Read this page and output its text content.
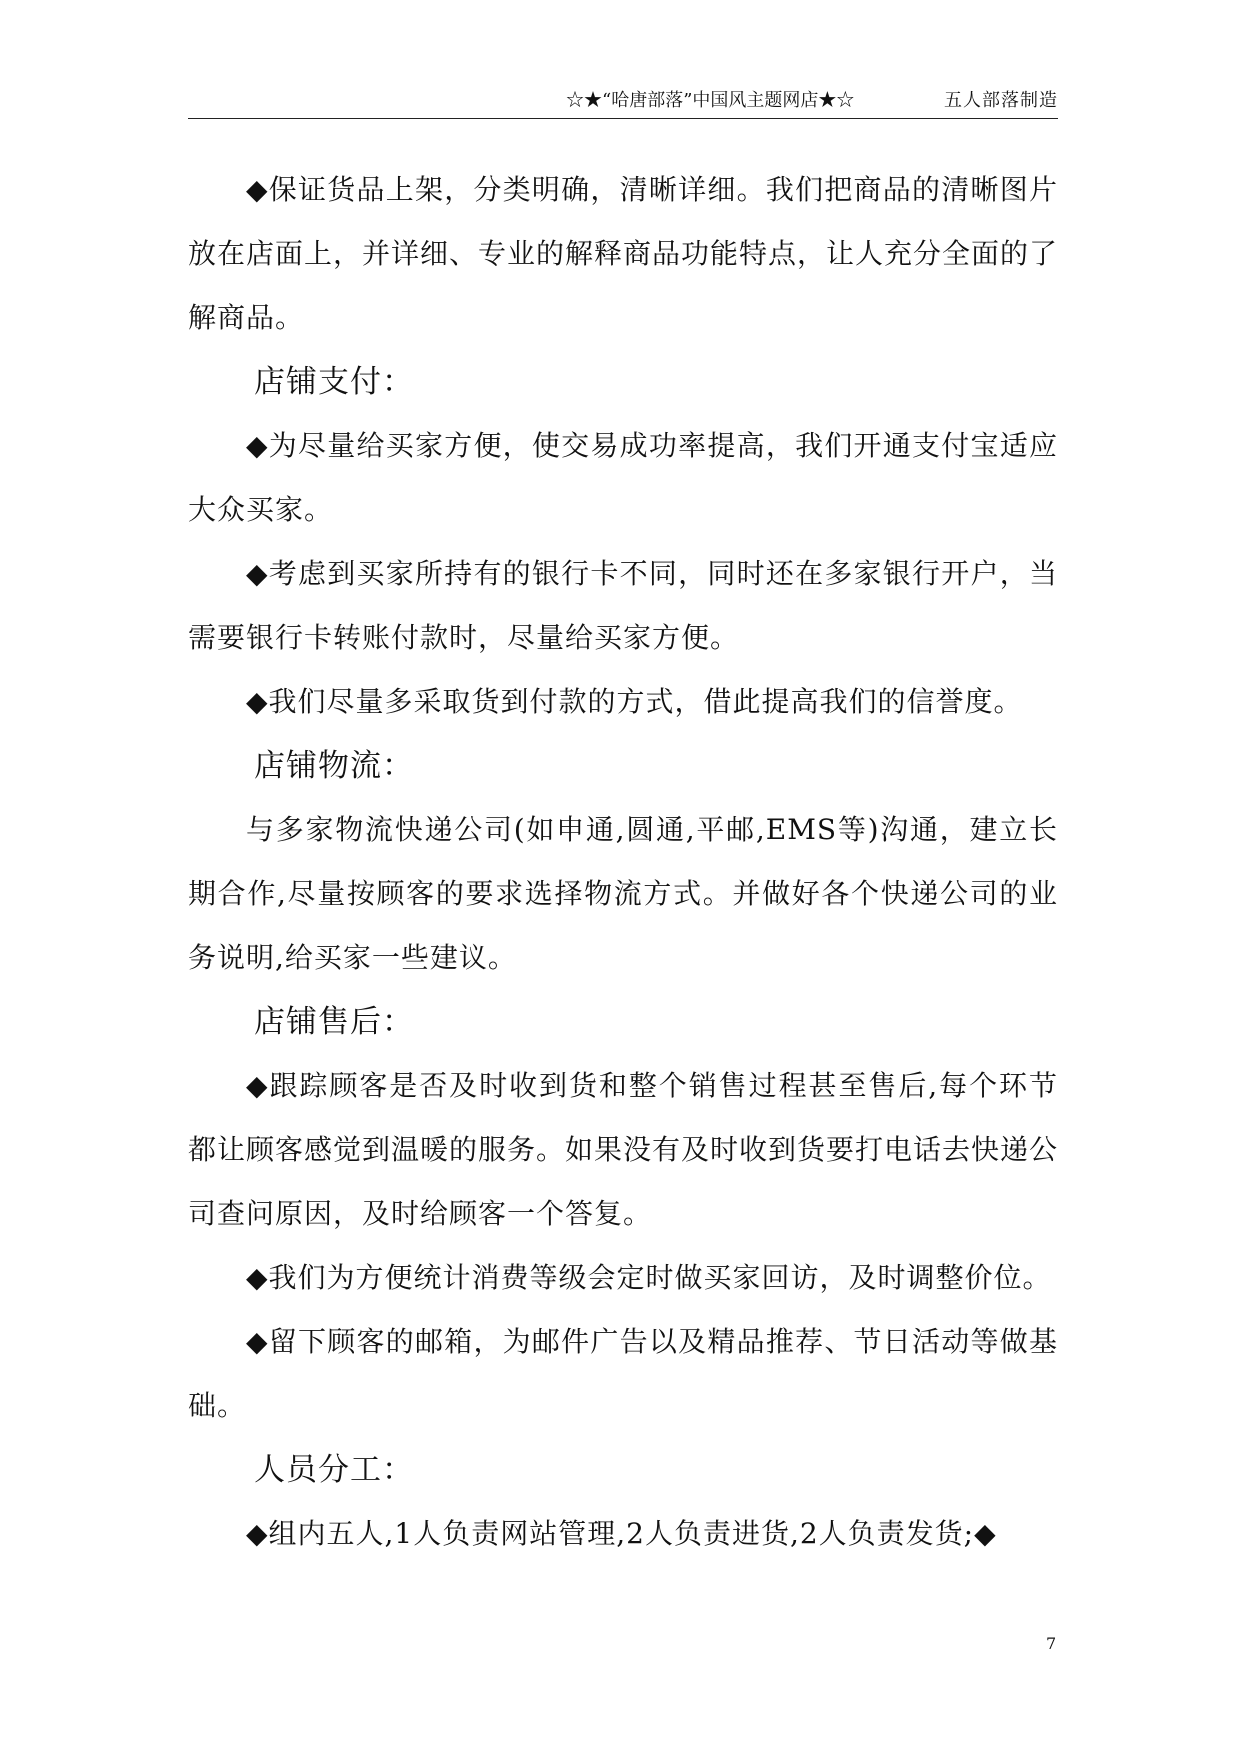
☆★“哈唐部落”中国风主题网店★☆	五人部落制造

◆保证货品上架，分类明确，清晰详细。我们把商品的清晰图片放在店面上，并详细、专业的解释商品功能特点，让人充分全面的了解商品。

店铺支付：

◆为尽量给买家方便，使交易成功率提高，我们开通支付宝适应大众买家。

◆考虑到买家所持有的银行卡不同，同时还在多家银行开户，当需要银行卡转账付款时，尽量给买家方便。

◆我们尽量多采取货到付款的方式，借此提高我们的信誉度。

店铺物流：

与多家物流快递公司(如申通,圆通,平邮,EMS等)沟通，建立长期合作,尽量按顾客的要求选择物流方式。并做好各个快递公司的业务说明,给买家一些建议。

店铺售后：

◆跟踪顾客是否及时收到货和整个销售过程甚至售后,每个环节都让顾客感觉到温暖的服务。如果没有及时收到货要打电话去快递公司查问原因，及时给顾客一个答复。

◆我们为方便统计消费等级会定时做买家回访，及时调整价位。

◆留下顾客的邮箱，为邮件广告以及精品推荐、节日活动等做基础。

人员分工：

◆组内五人,1人负责网站管理,2人负责进货,2人负责发货;◆

7
